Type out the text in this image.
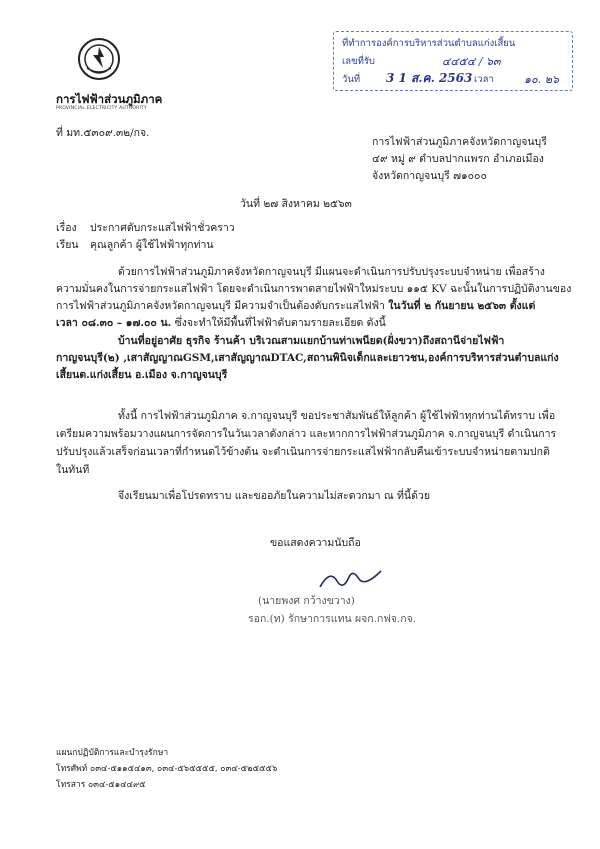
การไฟฟ้าส่วนภูมิภาค
PROVINCIAL ELECTRICITY AUTHORITY
ที่ มท.๕๓๐๙.๓๒/กจ.
ที่ทำการองค์การบริหารส่วนตำบลแก่งเสี้ยน
เลขที่รับ	๔๔๕๔ / ๖๓
วันที่ 3 1 ส.ค. 2563 เวลา	๑๐. ๒๖
การไฟฟ้าส่วนภูมิภาคจังหวัดกาญจนบุรี
๔๙ หมู่ ๙ ตำบลปากแพรก อำเภอเมือง
จังหวัดกาญจนบุรี ๗๑๐๐๐
วันที่ ๒๗ สิงหาคม ๒๕๖๓
เรื่อง ประกาศดับกระแสไฟฟ้าชั่วคราว
เรียน คุณลูกค้า ผู้ใช้ไฟฟ้าทุกท่าน
ด้วยการไฟฟ้าส่วนภูมิภาคจังหวัดกาญจนบุรี มีแผนจะดำเนินการปรับปรุงระบบจำหน่าย เพื่อสร้าง
ความมั่นคงในการจ่ายกระแสไฟฟ้า โดยจะดำเนินการพาดสายไฟฟ้าใหม่ระบบ ๑๑๕ KV ฉะนั้นในการปฏิบัติงานของ
การไฟฟ้าส่วนภูมิภาคจังหวัดกาญจนบุรี มีความจำเป็นต้องดับกระแสไฟฟ้า ในวันที่ ๒ กันยายน ๒๕๖๓ ตั้งแต่
เวลา ๐๘.๓๐ – ๑๗.๐๐ น. ซึ่งจะทำให้มีพื้นที่ไฟฟ้าดับตามรายละเอียด ดังนี้
บ้านที่อยู่อาศัย ธุรกิจ ร้านค้า บริเวณสามแยกบ้านท่าเพนียด(ฝั่งขวา)ถึงสถานีจ่ายไฟฟ้า
กาญจนบุรี(๒) ,เสาสัญญาณGSM,เสาสัญญาณDTAC,สถานพินิจเด็กและเยาวชน,องค์การบริหารส่วนตำบลแก่ง
เสี้ยนต.แก่งเสี้ยน อ.เมือง จ.กาญจนบุรี
ทั้งนี้ การไฟฟ้าส่วนภูมิภาค จ.กาญจนบุรี ขอประชาสัมพันธ์ให้ลูกค้า ผู้ใช้ไฟฟ้าทุกท่านได้ทราบ เพื่อ
เตรียมความพร้อมวางแผนการจัดการในวันเวลาดังกล่าว และหากการไฟฟ้าส่วนภูมิภาค จ.กาญจนบุรี ดำเนินการ
ปรับปรุงแล้วเสร็จก่อนเวลาที่กำหนดไว้ข้างต้น จะดำเนินการจ่ายกระแสไฟฟ้ากลับคืนเข้าระบบจำหน่ายตามปกติ
ในทันที
จึงเรียนมาเพื่อโปรดทราบ และขออภัยในความไม่สะดวกมา ณ ที่นี้ด้วย
ขอแสดงความนับถือ
(นายพงศ กว้างขวาง)
รอก.(ท) รักษาการแทน ผจก.กฟจ.กจ.
แผนกปฏิบัติการและบำรุงรักษา
โทรศัพท์ ๐๓๔-๕๑๑๕๔๑๓, ๐๓๔-๕๖๕๕๕๕, ๐๓๔-๕๒๕๕๕๖
โทรสาร ๐๓๔-๕๑๔๔๙๕
